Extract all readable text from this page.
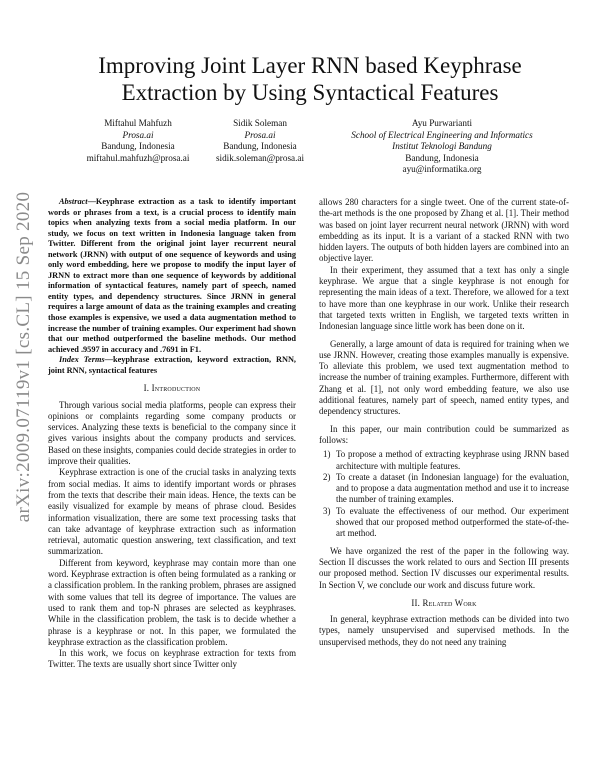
arXiv:2009.07119v1 [cs.CL] 15 Sep 2020
Improving Joint Layer RNN based Keyphrase Extraction by Using Syntactical Features
Miftahul Mahfuzh
Prosa.ai
Bandung, Indonesia
miftahul.mahfuzh@prosa.ai
Sidik Soleman
Prosa.ai
Bandung, Indonesia
sidik.soleman@prosa.ai
Ayu Purwarianti
School of Electrical Engineering and Informatics
Institut Teknologi Bandung
Bandung, Indonesia
ayu@informatika.org

Abstract—Keyphrase extraction as a task to identify important words or phrases from a text, is a crucial process to identify main topics when analyzing texts from a social media platform. In our study, we focus on text written in Indonesia language taken from Twitter. Different from the original joint layer recurrent neural network (JRNN) with output of one sequence of keywords and using only word embedding, here we propose to modify the input layer of JRNN to extract more than one sequence of keywords by additional information of syntactical features, namely part of speech, named entity types, and dependency structures. Since JRNN in general requires a large amount of data as the training examples and creating those examples is expensive, we used a data augmentation method to increase the number of training examples. Our experiment had shown that our method outperformed the baseline methods. Our method achieved .9597 in accuracy and .7691 in F1.

Index Terms—keyphrase extraction, keyword extraction, RNN, joint RNN, syntactical features

I. Introduction

Through various social media platforms, people can express their opinions or complaints regarding some company products or services. Analyzing these texts is beneficial to the company since it gives various insights about the company products and services. Based on these insights, companies could decide strategies in order to improve their qualities.

Keyphrase extraction is one of the crucial tasks in analyzing texts from social medias. It aims to identify important words or phrases from the texts that describe their main ideas. Hence, the texts can be easily visualized for example by means of phrase cloud. Besides information visualization, there are some text processing tasks that can take advantage of keyphrase extraction such as information retrieval, automatic question answering, text classification, and text summarization.

Different from keyword, keyphrase may contain more than one word. Keyphrase extraction is often being formulated as a ranking or a classification problem. In the ranking problem, phrases are assigned with some values that tell its degree of importance. The values are used to rank them and top-N phrases are selected as keyphrases. While in the classification problem, the task is to decide whether a phrase is a keyphrase or not. In this paper, we formulated the keyphrase extraction as the classification problem.

In this work, we focus on keyphrase extraction for texts from Twitter. The texts are usually short since Twitter only

allows 280 characters for a single tweet. One of the current state-of-the-art methods is the one proposed by Zhang et al. [1]. Their method was based on joint layer recurrent neural network (JRNN) with word embedding as its input. It is a variant of a stacked RNN with two hidden layers. The outputs of both hidden layers are combined into an objective layer.

In their experiment, they assumed that a text has only a single keyphrase. We argue that a single keyphrase is not enough for representing the main ideas of a text. Therefore, we allowed for a text to have more than one keyphrase in our work. Unlike their research that targeted texts written in English, we targeted texts written in Indonesian language since little work has been done on it.

Generally, a large amount of data is required for training when we use JRNN. However, creating those examples manually is expensive. To alleviate this problem, we used text augmentation method to increase the number of training examples. Furthermore, different with Zhang et al. [1], not only word embedding feature, we also use additional features, namely part of speech, named entity types, and dependency structures.

In this paper, our main contribution could be summarized as follows:

1) To propose a method of extracting keyphrase using JRNN based architecture with multiple features.
2) To create a dataset (in Indonesian language) for the evaluation, and to propose a data augmentation method and use it to increase the number of training examples.
3) To evaluate the effectiveness of our method. Our experiment showed that our proposed method outperformed the state-of-the-art method.

We have organized the rest of the paper in the following way. Section II discusses the work related to ours and Section III presents our proposed method. Section IV discusses our experimental results. In Section V, we conclude our work and discuss future work.

II. Related Work

In general, keyphrase extraction methods can be divided into two types, namely unsupervised and supervised methods. In the unsupervised methods, they do not need any training
